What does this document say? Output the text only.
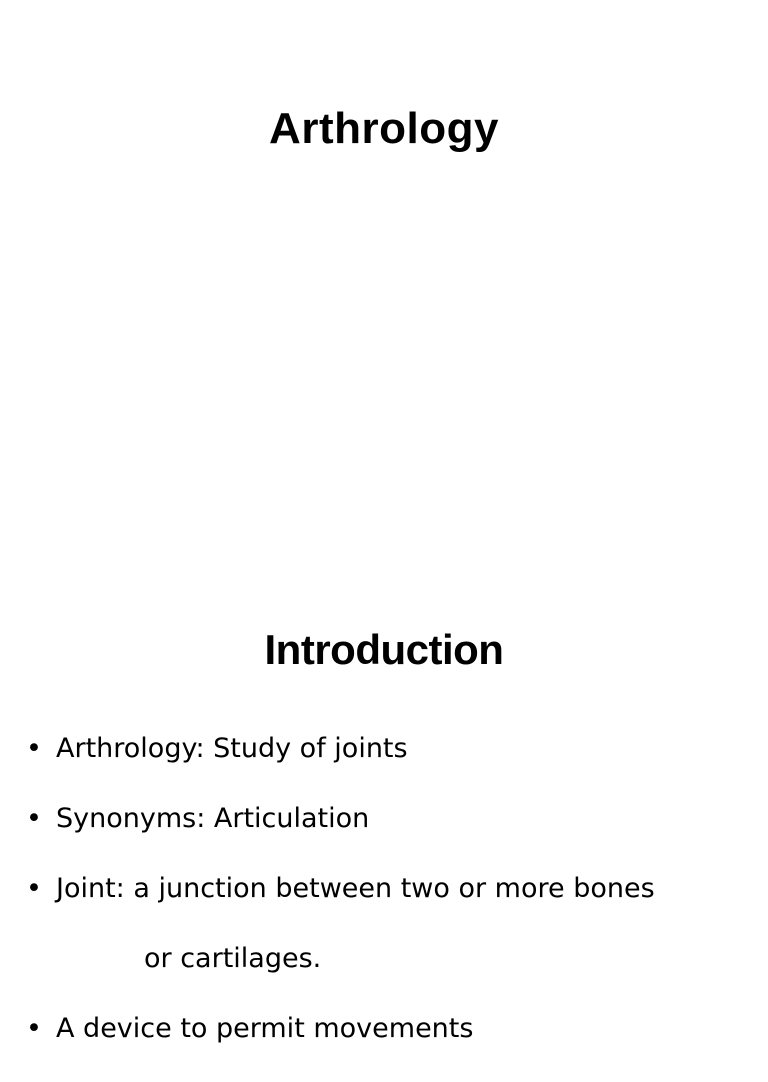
Arthrology
Introduction
• Arthrology: Study of joints
• Synonyms: Articulation
• Joint: a junction between two or more bones
or cartilages.
• A device to permit movements
